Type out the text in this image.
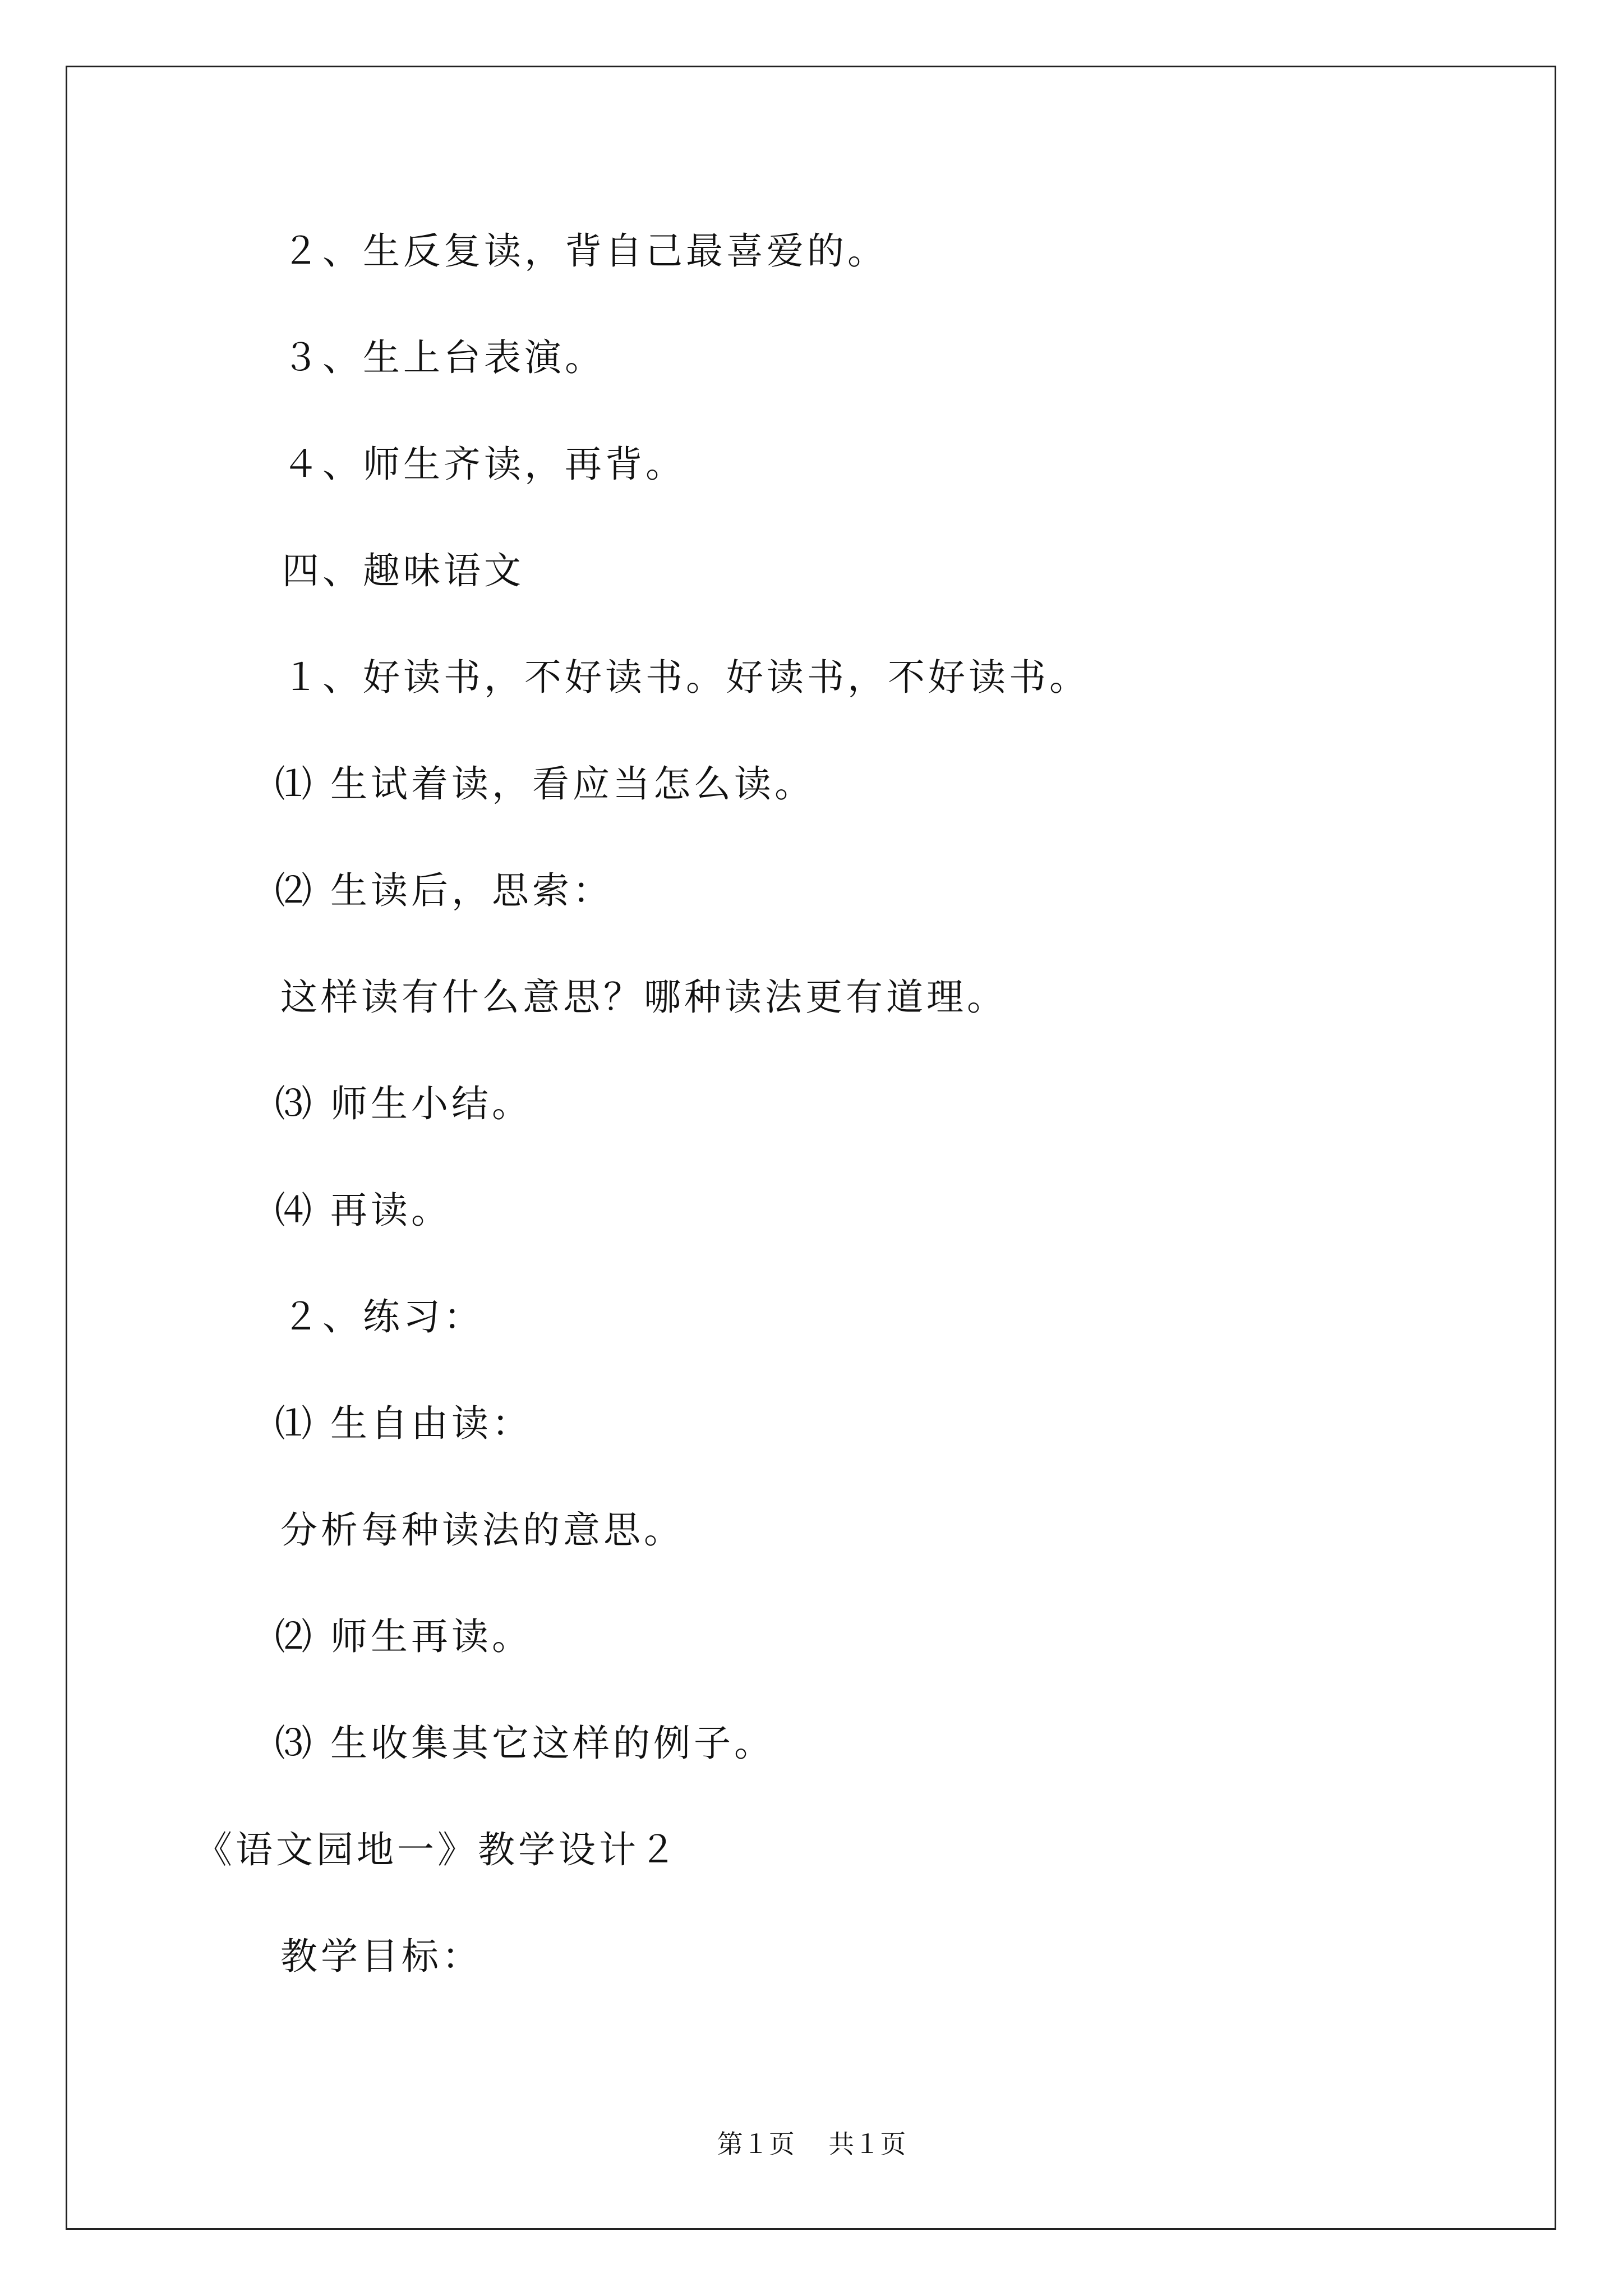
２、生反复读，背自己最喜爱的。
３、生上台表演。
４、师生齐读，再背。
四、趣味语文
１、好读书，不好读书。好读书，不好读书。
⑴ 生试着读，看应当怎么读。
⑵ 生读后，思索：
这样读有什么意思？哪种读法更有道理。
⑶ 师生小结。
⑷ 再读。
２、练习：
⑴ 生自由读：
分析每种读法的意思。
⑵ 师生再读。
⑶ 生收集其它这样的例子。
《语文园地一》教学设计２
教学目标：
第１页　 共１页
